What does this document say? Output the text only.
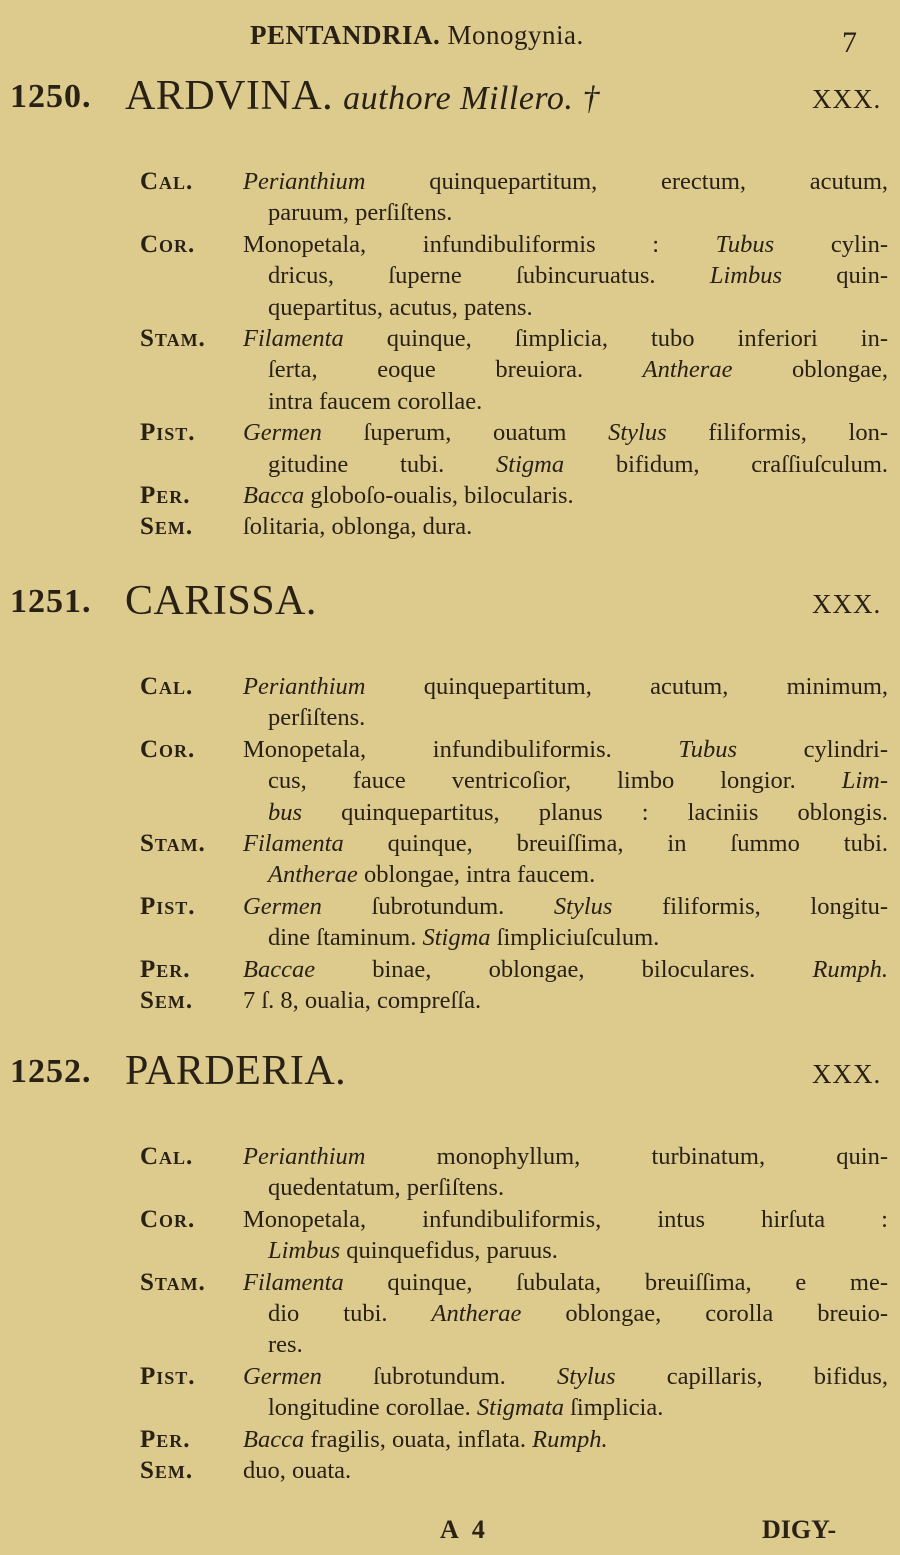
PENTANDRIA. Monogynia.	7
1250. ARDVINA. authore Millero. †	XXX.
Cal. Perianthium quinquepartitum, erectum, acutum,
paruum, perſiſtens.
Cor. Monopetala, infundibuliformis : Tubus cylin-
dricus, ſuperne ſubincuruatus. Limbus quin-
quepartitus, acutus, patens.
Stam. Filamenta quinque, ſimplicia, tubo inferiori in-
ſerta, eoque breuiora. Antherae oblongae,
intra faucem corollae.
Pist. Germen ſuperum, ouatum Stylus filiformis, lon-
gitudine tubi. Stigma bifidum, craſſiuſculum.
Per. Bacca globoſo-oualis, bilocularis.
Sem. ſolitaria, oblonga, dura.
1251. CARISSA.	XXX.
Cal. Perianthium quinquepartitum, acutum, minimum,
perſiſtens.
Cor. Monopetala, infundibuliformis. Tubus cylindri-
cus, fauce ventricoſior, limbo longior. Lim-
bus quinquepartitus, planus : laciniis oblongis.
Stam. Filamenta quinque, breuiſſima, in ſummo tubi.
Antherae oblongae, intra faucem.
Pist. Germen ſubrotundum. Stylus filiformis, longitu-
dine ſtaminum. Stigma ſimpliciuſculum.
Per. Baccae binae, oblongae, biloculares. Rumph.
Sem. 7 ſ. 8, oualia, compreſſa.
1252. PARDERIA.	XXX.
Cal. Perianthium monophyllum, turbinatum, quin-
quedentatum, perſiſtens.
Cor. Monopetala, infundibuliformis, intus hirſuta :
Limbus quinquefidus, paruus.
Stam. Filamenta quinque, ſubulata, breuiſſima, e me-
dio tubi. Antherae oblongae, corolla breuio-
res.
Pist. Germen ſubrotundum. Stylus capillaris, bifidus,
longitudine corollae. Stigmata ſimplicia.
Per. Bacca fragilis, ouata, inflata. Rumph.
Sem. duo, ouata.
A 4	DIGY-
